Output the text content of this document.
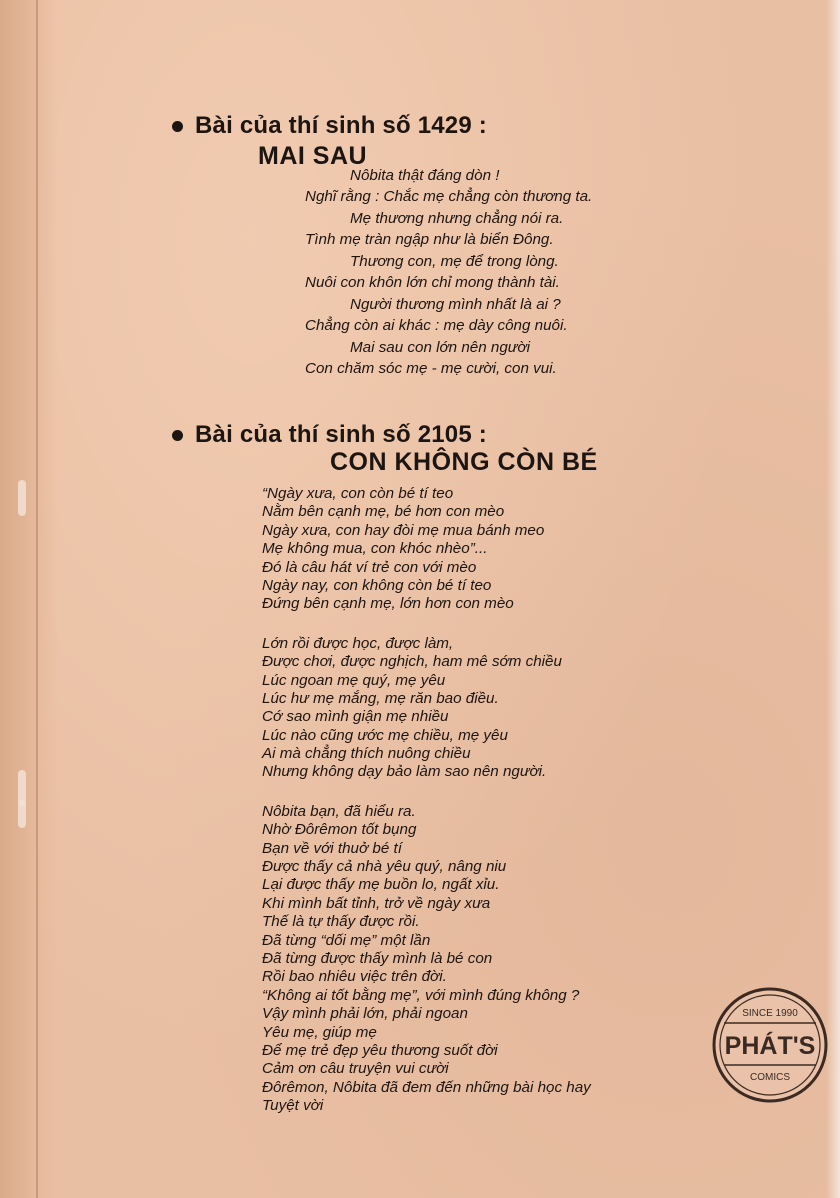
Bài của thí sinh số 1429 :
MAI SAU
Nôbita thật đáng dòn !
Nghĩ rằng : Chắc mẹ chẳng còn thương ta.
Mẹ thương nhưng chẳng nói ra.
Tình mẹ tràn ngập như là biển Đông.
Thương con, mẹ để trong lòng.
Nuôi con khôn lớn chỉ mong thành tài.
Người thương mình nhất là ai ?
Chẳng còn ai khác : mẹ dày công nuôi.
Mai sau con lớn nên người
Con chăm sóc mẹ - mẹ cười, con vui.
Bài của thí sinh số 2105 :
CON KHÔNG CÒN BÉ
“Ngày xưa, con còn bé tí teo
Nằm bên cạnh mẹ, bé hơn con mèo
Ngày xưa, con hay đòi mẹ mua bánh meo
Mẹ không mua, con khóc nhèo”...
Đó là câu hát ví trẻ con với mèo
Ngày nay, con không còn bé tí teo
Đứng bên cạnh mẹ, lớn hơn con mèo
Lớn rồi được học, được làm,
Được chơi, được nghịch, ham mê sớm chiều
Lúc ngoan mẹ quý, mẹ yêu
Lúc hư mẹ mắng, mẹ răn bao điều.
Cớ sao mình giận mẹ nhiều
Lúc nào cũng ước mẹ chiều, mẹ yêu
Ai mà chẳng thích nuông chiều
Nhưng không dạy bảo làm sao nên người.
Nôbita bạn, đã hiểu ra.
Nhờ Đôrêmon tốt bụng
Bạn về với thuở bé tí
Được thấy cả nhà yêu quý, nâng niu
Lại được thấy mẹ buồn lo, ngất xỉu.
Khi mình bất tỉnh, trở về ngày xưa
Thế là tự thấy được rồi.
Đã từng “dối mẹ” một lần
Đã từng được thấy mình là bé con
Rồi bao nhiêu việc trên đời.
“Không ai tốt bằng mẹ”, với mình đúng không ?
Vậy mình phải lớn, phải ngoan
Yêu mẹ, giúp mẹ
Để mẹ trẻ đẹp yêu thương suốt đời
Cảm ơn câu truyện vui cười
Đôrêmon, Nôbita đã đem đến những bài học hay
Tuyệt vời
SINCE 1990
PHÁT'S
COMICS
